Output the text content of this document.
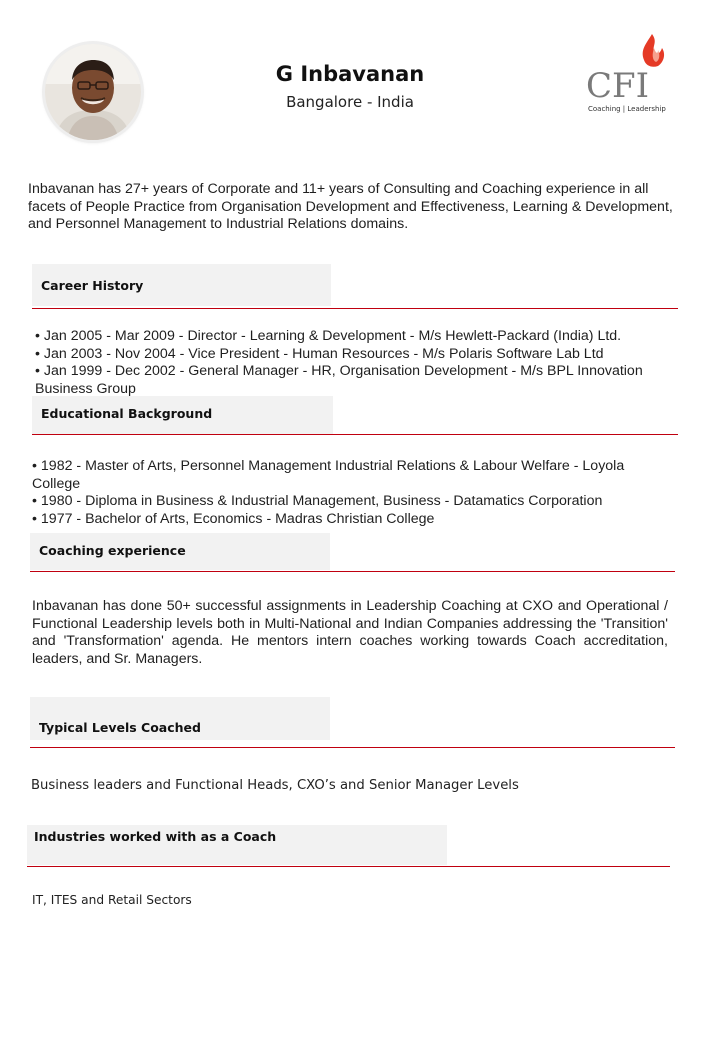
G Inbavanan
Bangalore - India	CFI
Coaching | Leadership
Inbavanan has 27+ years of Corporate and 11+ years of Consulting and Coaching experience in all facets of People Practice from Organisation Development and Effectiveness, Learning & Development, and Personnel Management to Industrial Relations domains.
Career History
• Jan 2005 - Mar 2009 - Director - Learning & Development - M/s Hewlett-Packard (India) Ltd.
• Jan 2003 - Nov 2004 - Vice President - Human Resources - M/s Polaris Software Lab Ltd
• Jan 1999 - Dec 2002 - General Manager - HR, Organisation Development - M/s BPL Innovation Business Group
Educational Background
• 1982 - Master of Arts, Personnel Management Industrial Relations & Labour Welfare - Loyola College
• 1980 - Diploma in Business & Industrial Management, Business - Datamatics Corporation
• 1977 - Bachelor of Arts, Economics - Madras Christian College
Coaching experience
Inbavanan has done 50+ successful assignments in Leadership Coaching at CXO and Operational / Functional Leadership levels both in Multi-National and Indian Companies addressing the 'Transition' and 'Transformation' agenda. He mentors intern coaches working towards Coach accreditation, leaders, and Sr. Managers.
Typical Levels Coached
Business leaders and Functional Heads, CXO’s and Senior Manager Levels
Industries worked with as a Coach
IT, ITES and Retail Sectors
